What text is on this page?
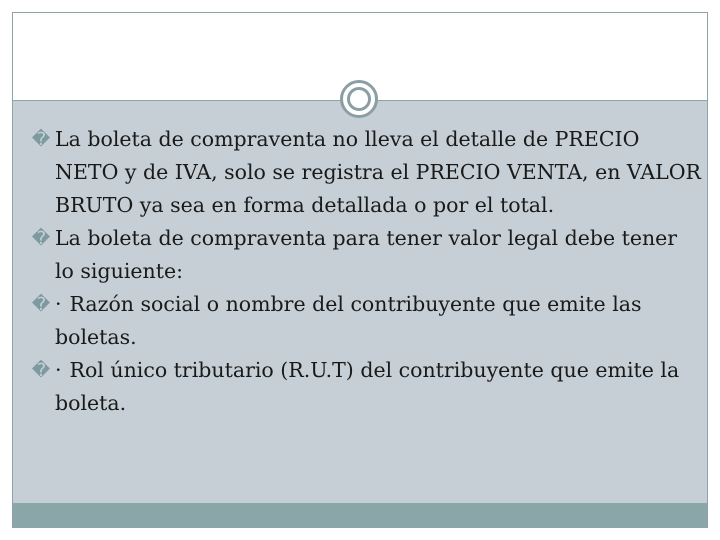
� La boleta de compraventa no lleva el detalle de PRECIO NETO y de IVA, solo se registra el PRECIO VENTA, en VALOR BRUTO ya sea en forma detallada o por el total.
� La boleta de compraventa para tener valor legal debe tener lo siguiente:
� · Razón social o nombre del contribuyente que emite las boletas.
� · Rol único tributario (R.U.T) del contribuyente que emite la boleta.
